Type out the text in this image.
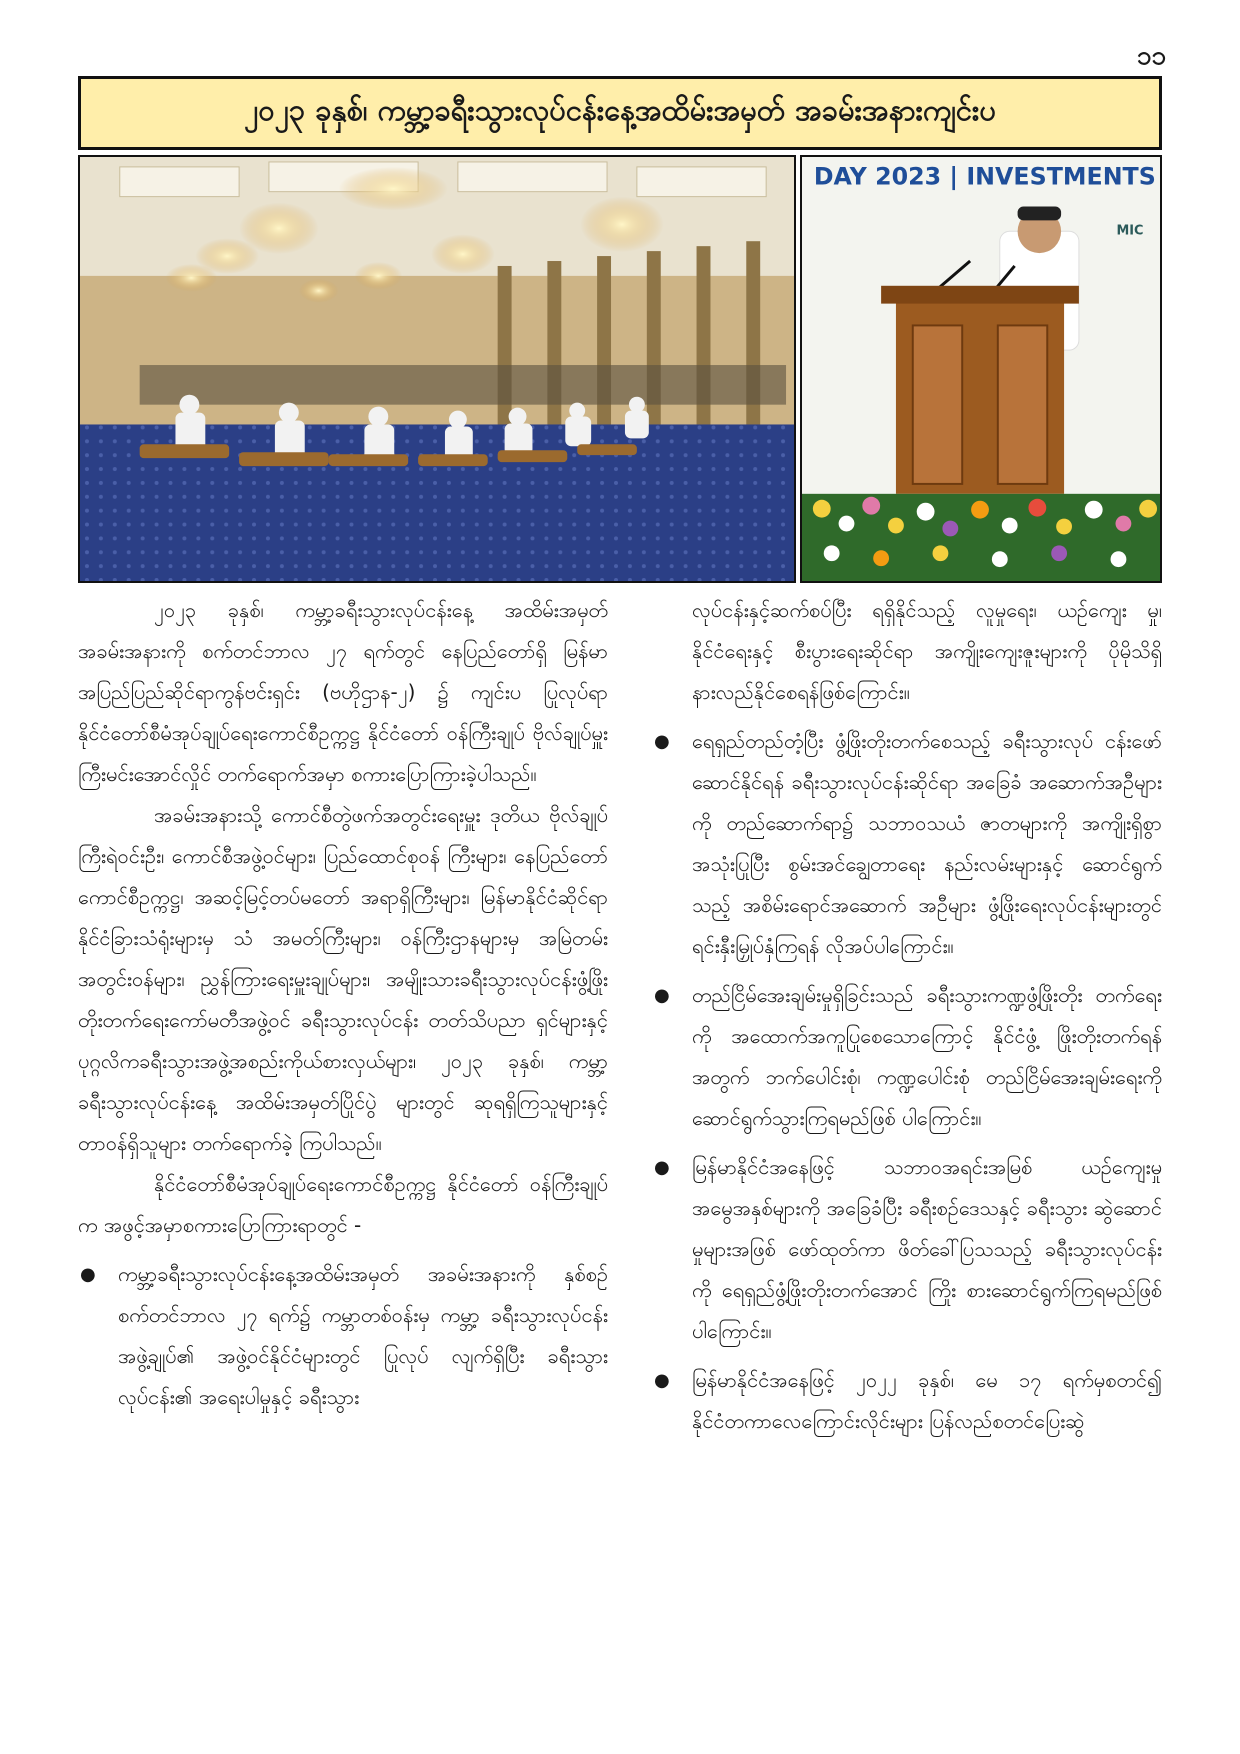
၁၁
၂၀၂၃ ခုနှစ်၊ ကမ္ဘာ့ခရီးသွားလုပ်ငန်းနေ့အထိမ်းအမှတ် အခမ်းအနားကျင်းပ
DAY 2023 | INVESTMENTS
MIC

၂၀၂၃ ခုနှစ်၊ ကမ္ဘာ့ခရီးသွားလုပ်ငန်းနေ့ အထိမ်းအမှတ် အခမ်းအနားကို စက်တင်ဘာလ ၂၇ ရက်တွင် နေပြည်တော်ရှိ မြန်မာအပြည်ပြည်ဆိုင်ရာကွန်ဗင်းရှင်း (ဗဟိုဌာန-၂) ၌ ကျင်းပ ပြုလုပ်ရာ နိုင်ငံတော်စီမံအုပ်ချုပ်ရေးကောင်စီဥက္ကဋ္ဌ နိုင်ငံတော် ဝန်ကြီးချုပ် ဗိုလ်ချုပ်မှူးကြီးမင်းအောင်လှိုင် တက်ရောက်အမှာ စကားပြောကြားခဲ့ပါသည်။

အခမ်းအနားသို့ ကောင်စီတွဲဖက်အတွင်းရေးမှူး ဒုတိယ ဗိုလ်ချုပ်ကြီးရဲဝင်းဦး၊ ကောင်စီအဖွဲ့ဝင်များ၊ ပြည်ထောင်စုဝန် ကြီးများ၊ နေပြည်တော်ကောင်စီဥက္ကဋ္ဌ၊ အဆင့်မြင့်တပ်မတော် အရာရှိကြီးများ၊ မြန်မာနိုင်ငံဆိုင်ရာ နိုင်ငံခြားသံရုံးများမှ သံ အမတ်ကြီးများ၊ ဝန်ကြီးဌာနများမှ အမြဲတမ်းအတွင်းဝန်များ၊ ညွှန်ကြားရေးမှူးချုပ်များ၊ အမျိုးသားခရီးသွားလုပ်ငန်းဖွံ့ဖြိုး တိုးတက်ရေးကော်မတီအဖွဲ့ဝင် ခရီးသွားလုပ်ငန်း တတ်သိပညာ ရှင်များနှင့် ပုဂ္ဂလိကခရီးသွားအဖွဲ့အစည်းကိုယ်စားလှယ်များ၊ ၂၀၂၃ ခုနှစ်၊ ကမ္ဘာ့ခရီးသွားလုပ်ငန်းနေ့ အထိမ်းအမှတ်ပြိုင်ပွဲ များတွင် ဆုရရှိကြသူများနှင့် တာဝန်ရှိသူများ တက်ရောက်ခဲ့ ကြပါသည်။

နိုင်ငံတော်စီမံအုပ်ချုပ်ရေးကောင်စီဥက္ကဋ္ဌ နိုင်ငံတော် ဝန်ကြီးချုပ်က အဖွင့်အမှာစကားပြောကြားရာတွင် -

● ကမ္ဘာ့ခရီးသွားလုပ်ငန်းနေ့အထိမ်းအမှတ် အခမ်းအနားကို နှစ်စဉ် စက်တင်ဘာလ ၂၇ ရက်၌ ကမ္ဘာတစ်ဝန်းမှ ကမ္ဘာ့ ခရီးသွားလုပ်ငန်းအဖွဲ့ချုပ်၏ အဖွဲ့ဝင်နိုင်ငံများတွင် ပြုလုပ် လျက်ရှိပြီး ခရီးသွားလုပ်ငန်း၏ အရေးပါမှုနှင့် ခရီးသွား

လုပ်ငန်းနှင့်ဆက်စပ်ပြီး ရရှိနိုင်သည့် လူမှုရေး၊ ယဉ်ကျေး မှု၊ နိုင်ငံရေးနှင့် စီးပွားရေးဆိုင်ရာ အကျိုးကျေးဇူးများကို ပိုမိုသိရှိနားလည်နိုင်စေရန်ဖြစ်ကြောင်း။

● ရေရှည်တည်တံ့ပြီး ဖွံ့ဖြိုးတိုးတက်စေသည့် ခရီးသွားလုပ် ငန်းဖော်ဆောင်နိုင်ရန် ခရီးသွားလုပ်ငန်းဆိုင်ရာ အခြေခံ အဆောက်အဦများကို တည်ဆောက်ရာ၌ သဘာဝသယံ ဇာတများကို အကျိုးရှိစွာအသုံးပြုပြီး စွမ်းအင်ချွေတာရေး နည်းလမ်းများနှင့် ဆောင်ရွက်သည့် အစိမ်းရောင်အဆောက် အဦများ ဖွံ့ဖြိုးရေးလုပ်ငန်းများတွင် ရင်းနှီးမြှုပ်နှံကြရန် လိုအပ်ပါကြောင်း။
● တည်ငြိမ်အေးချမ်းမှုရှိခြင်းသည် ခရီးသွားကဏ္ဍဖွံ့ဖြိုးတိုး တက်ရေးကို အထောက်အကူပြုစေသောကြောင့် နိုင်ငံဖွံ့ ဖြိုးတိုးတက်ရန်အတွက် ဘက်ပေါင်းစုံ၊ ကဏ္ဍပေါင်းစုံ တည်ငြိမ်အေးချမ်းရေးကို ဆောင်ရွက်သွားကြရမည်ဖြစ် ပါကြောင်း။
● မြန်မာနိုင်ငံအနေဖြင့် သဘာဝအရင်းအမြစ် ယဉ်ကျေးမှု အမွေအနှစ်များကို အခြေခံပြီး ခရီးစဉ်ဒေသနှင့် ခရီးသွား ဆွဲဆောင်မှုများအဖြစ် ဖော်ထုတ်ကာ ဖိတ်ခေါ်ပြသသည့် ခရီးသွားလုပ်ငန်းကို ရေရှည်ဖွံ့ဖြိုးတိုးတက်အောင် ကြိုး စားဆောင်ရွက်ကြရမည်ဖြစ်ပါကြောင်း။
● မြန်မာနိုင်ငံအနေဖြင့် ၂၀၂၂ ခုနှစ်၊ မေ ၁၇ ရက်မှစတင်၍ နိုင်ငံတကာလေကြောင်းလိုင်းများ ပြန်လည်စတင်ပြေးဆွဲ
